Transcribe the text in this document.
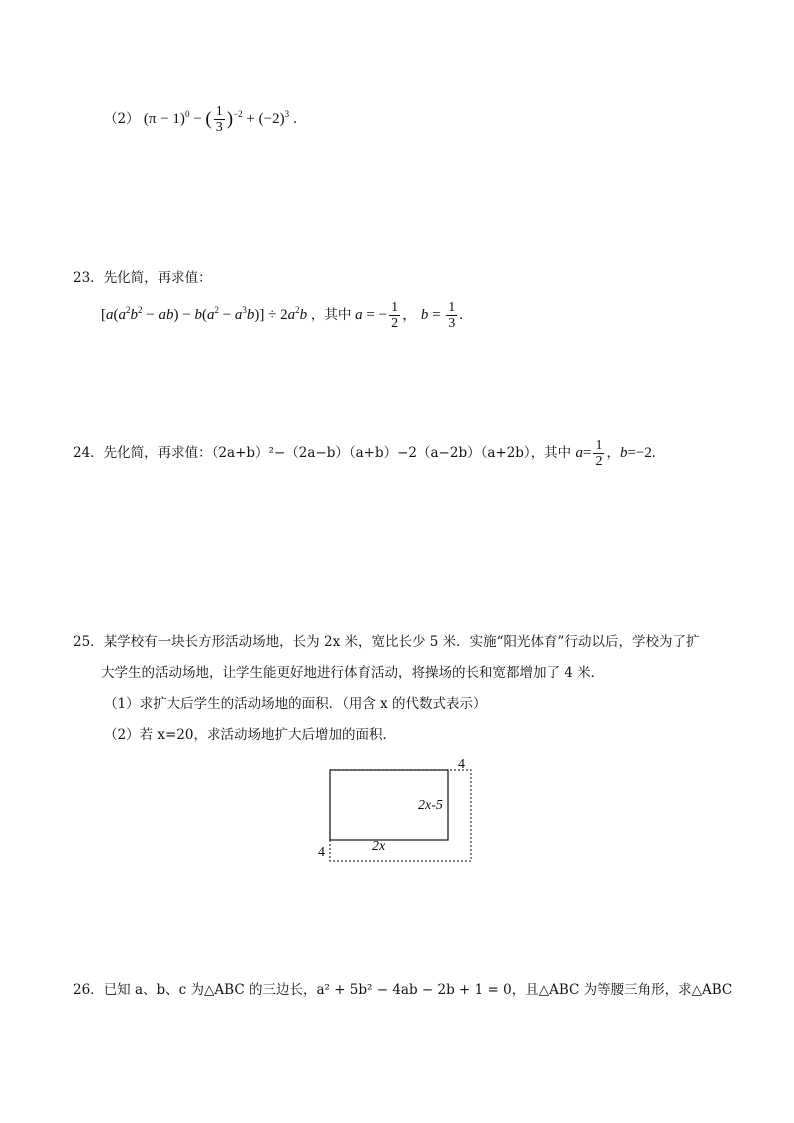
（2） $(\pi - 1)^0$ − ( $\frac{1}{3} )^{-2} + (-2)^3$ .
23．先化简，再求值：
$[a(a^2b^2 - ab) - b(a^2 - a^3b)] \div 2a^2b$ ，其中 a = − $\frac{1}{2}$ ， $b = \frac{1}{3}$ .
24．先化简，再求值：（2a+b）²−（2a−b）（a+b）−2（a−2b）（a+2b），其中 $a= \frac{1}{2}$ ，b=−2.
25．某学校有一块长方形活动场地，长为 2x 米，宽比长少 5 米．实施“阳光体育”行动以后，学校为了扩
大学生的活动场地，让学生能更好地进行体育活动，将操场的长和宽都增加了 4 米．
（1）求扩大后学生的活动场地的面积．（用含 x 的代数式表示）
（2）若 x=20，求活动场地扩大后增加的面积．
4
2x-5
2x
4
26．已知 a、b、c 为△ABC 的三边长，a² + 5b² − 4ab − 2b + 1 = 0，且△ABC 为等腰三角形，求△ABC
